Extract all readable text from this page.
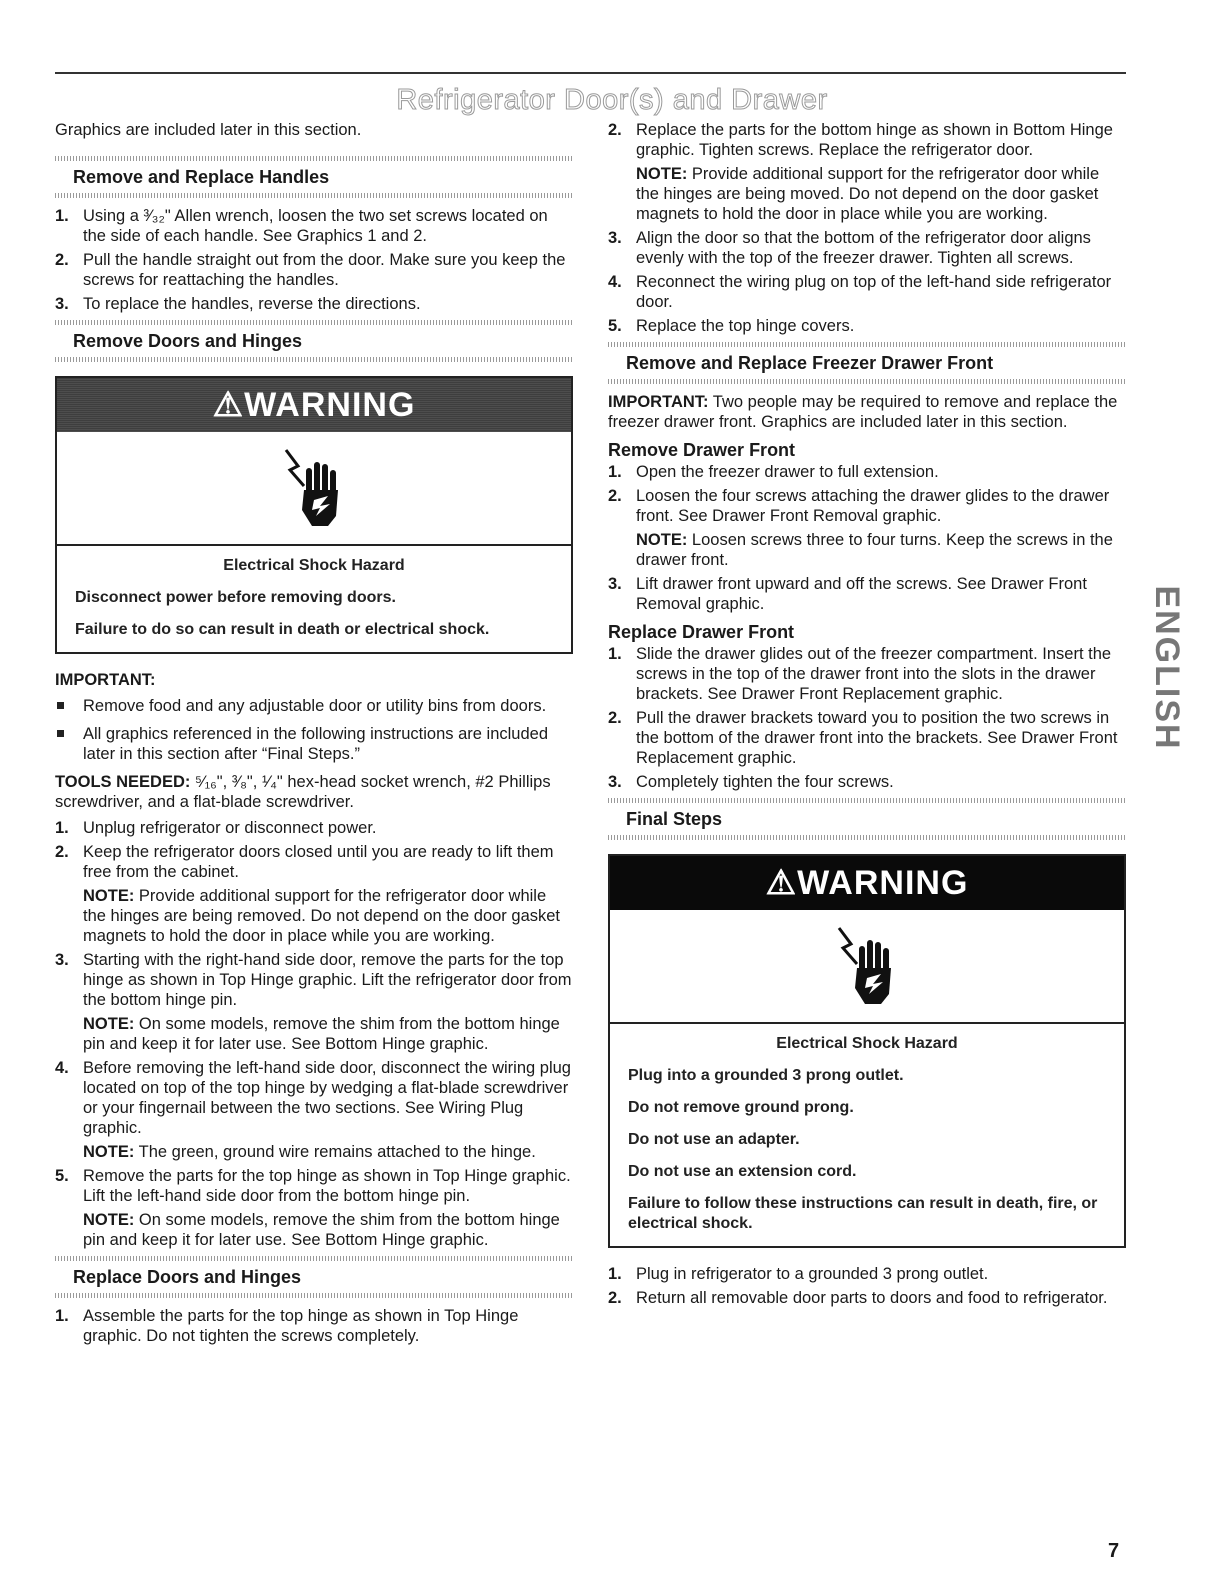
Refrigerator Door(s) and Drawer

Graphics are included later in this section.

Remove and Replace Handles
1. Using a ³⁄₃₂" Allen wrench, loosen the two set screws located on the side of each handle. See Graphics 1 and 2.
2. Pull the handle straight out from the door. Make sure you keep the screws for reattaching the handles.
3. To replace the handles, reverse the directions.
Remove Doors and Hinges
⚠WARNING
Electrical Shock Hazard
Disconnect power before removing doors.
Failure to do so can result in death or electrical shock.
IMPORTANT:
Remove food and any adjustable door or utility bins from doors.
All graphics referenced in the following instructions are included later in this section after “Final Steps.”

TOOLS NEEDED: ⁵⁄₁₆", ³⁄₈", ¹⁄₄" hex-head socket wrench, #2 Phillips screwdriver, and a flat-blade screwdriver.

1. Unplug refrigerator or disconnect power.
2. Keep the refrigerator doors closed until you are ready to lift them free from the cabinet.

NOTE: Provide additional support for the refrigerator door while the hinges are being removed. Do not depend on the door gasket magnets to hold the door in place while you are working.

3. Starting with the right-hand side door, remove the parts for the top hinge as shown in Top Hinge graphic. Lift the refrigerator door from the bottom hinge pin.

NOTE: On some models, remove the shim from the bottom hinge pin and keep it for later use. See Bottom Hinge graphic.

4. Before removing the left-hand side door, disconnect the wiring plug located on top of the top hinge by wedging a flat-blade screwdriver or your fingernail between the two sections. See Wiring Plug graphic.

NOTE: The green, ground wire remains attached to the hinge.

5. Remove the parts for the top hinge as shown in Top Hinge graphic. Lift the left-hand side door from the bottom hinge pin.

NOTE: On some models, remove the shim from the bottom hinge pin and keep it for later use. See Bottom Hinge graphic.

Replace Doors and Hinges
1. Assemble the parts for the top hinge as shown in Top Hinge graphic. Do not tighten the screws completely.
2. Replace the parts for the bottom hinge as shown in Bottom Hinge graphic. Tighten screws. Replace the refrigerator door.

NOTE: Provide additional support for the refrigerator door while the hinges are being moved. Do not depend on the door gasket magnets to hold the door in place while you are working.

3. Align the door so that the bottom of the refrigerator door aligns evenly with the top of the freezer drawer. Tighten all screws.
4. Reconnect the wiring plug on top of the left-hand side refrigerator door.
5. Replace the top hinge covers.
Remove and Replace Freezer Drawer Front

IMPORTANT: Two people may be required to remove and replace the freezer drawer front. Graphics are included later in this section.

Remove Drawer Front
1. Open the freezer drawer to full extension.
2. Loosen the four screws attaching the drawer glides to the drawer front. See Drawer Front Removal graphic.

NOTE: Loosen screws three to four turns. Keep the screws in the drawer front.

3. Lift drawer front upward and off the screws. See Drawer Front Removal graphic.
Replace Drawer Front
1. Slide the drawer glides out of the freezer compartment. Insert the screws in the top of the drawer front into the slots in the drawer brackets. See Drawer Front Replacement graphic.
2. Pull the drawer brackets toward you to position the two screws in the bottom of the drawer front into the brackets. See Drawer Front Replacement graphic.
3. Completely tighten the four screws.
Final Steps
⚠WARNING
Electrical Shock Hazard
Plug into a grounded 3 prong outlet.
Do not remove ground prong.
Do not use an adapter.
Do not use an extension cord.
Failure to follow these instructions can result in death, fire, or electrical shock.
1. Plug in refrigerator to a grounded 3 prong outlet.
2. Return all removable door parts to doors and food to refrigerator.
ENGLISH
7
